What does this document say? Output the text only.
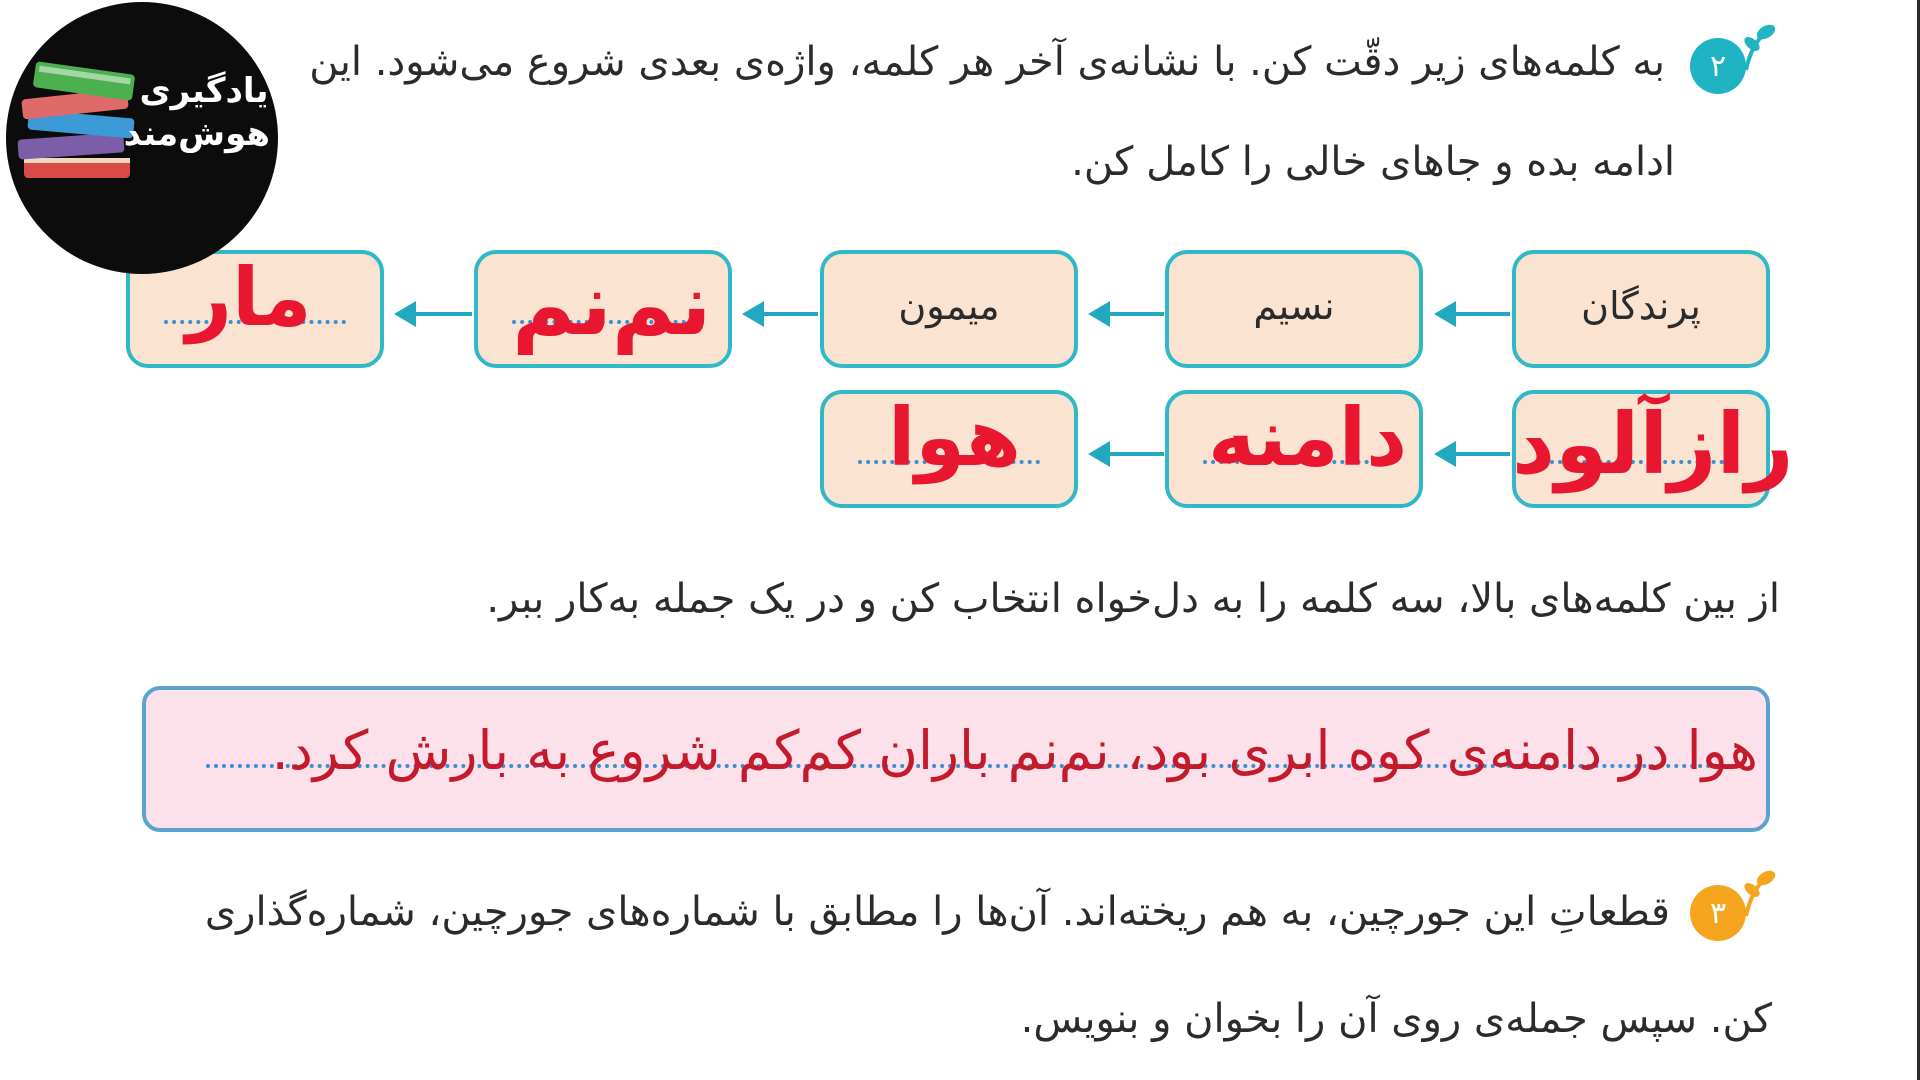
۲
به کلمه‌های زیر دقّت کن. با نشانه‌ی آخر هر کلمه، واژه‌ی بعدی شروع می‌شود. این
ادامه بده و جاهای خالی را کامل کن.
پرندگان
نسیم
میمون
نم‌نم
مار
رازآلود
دامنه
هوا
از بین کلمه‌های بالا، سه کلمه را به دل‌خواه انتخاب کن و در یک جمله به‌کار ببر.
هوا در دامنه‌ی کوه ابری بود، نم‌نم باران کم‌کم شروع به بارش کرد.
۳
قطعاتِ این جورچین، به هم ریخته‌اند. آن‌ها را مطابق با شماره‌های جورچین، شماره‌گذاری
کن. سپس جمله‌ی روی آن را بخوان و بنویس.
یادگیری
هوش‌مند
